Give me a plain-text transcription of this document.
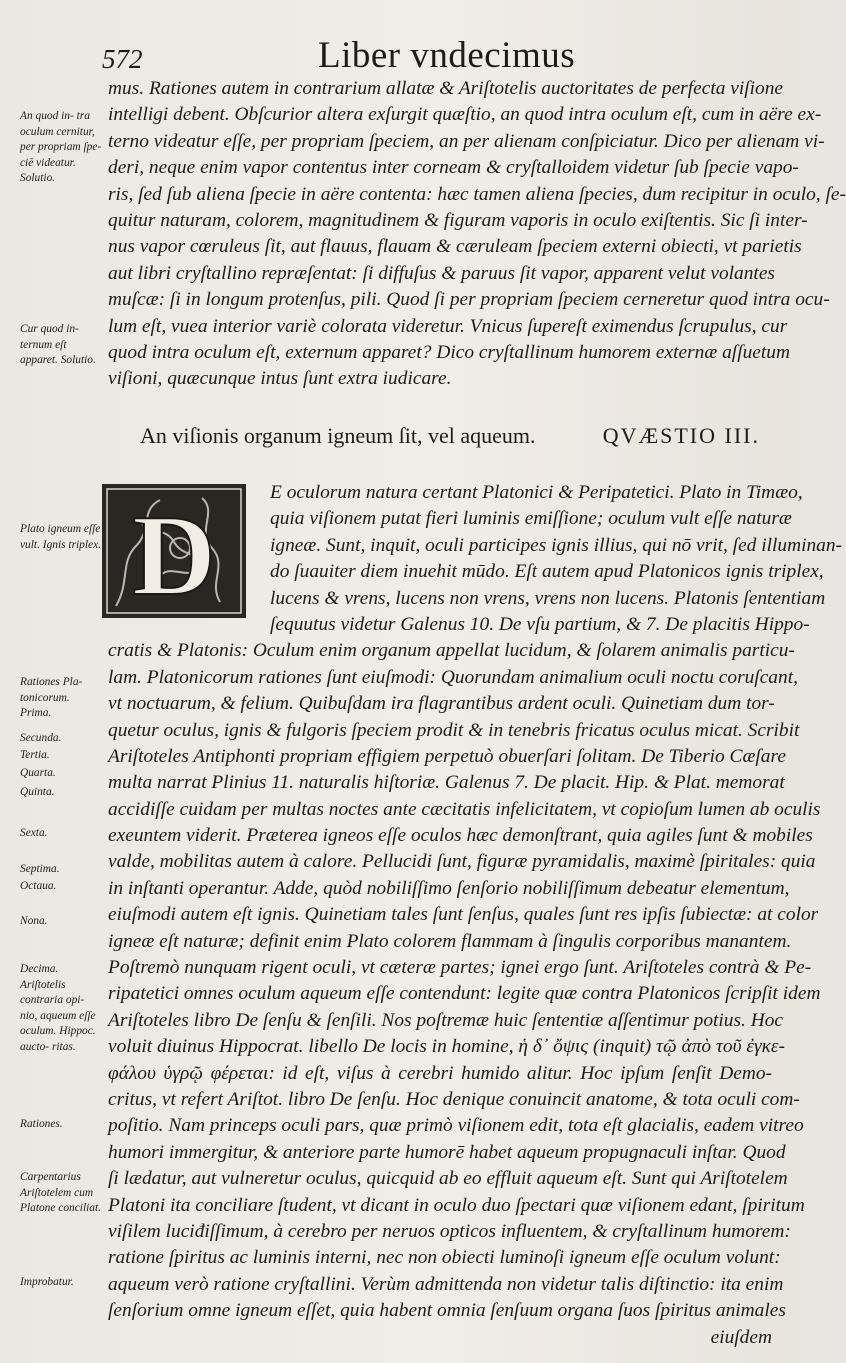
572	Liber vndecimus
An quod in- tra oculum cernitur, per propriam ſpe- ciē videatur. Solutio.
Cur quod in- ternum eſt apparet. Solutio.
Plato igneum eſſe vult. Ignis triplex.
Rationes Pla- tonicorum. Prima.
Secunda.
Tertia.
Quarta.
Quinta.
Sexta.
Septima.
Octaua.
Nona.
Decima. Ariſtotelis contraria opi- nio, aqueum eſſe oculum. Hippoc. aucto- ritas.
Rationes.
Carpentarius Ariſtotelem cum Platone conciliat.
Improbatur.
mus. Rationes autem in contrarium allatæ & Ariſtotelis auctoritates de perfecta viſione
intelligi debent. Obſcurior altera exſurgit quæſtio, an quod intra oculum eſt, cum in aëre ex-
terno videatur eſſe, per propriam ſpeciem, an per alienam conſpiciatur. Dico per alienam vi-
deri, neque enim vapor contentus inter corneam & cryſtalloidem videtur ſub ſpecie vapo-
ris, ſed ſub aliena ſpecie in aëre contenta: hæc tamen aliena ſpecies, dum recipitur in oculo, ſe-
quitur naturam, colorem, magnitudinem & figuram vaporis in oculo exiſtentis. Sic ſi inter-
nus vapor cœruleus ſit, aut flauus, flauam & cæruleam ſpeciem externi obiecti, vt parietis
aut libri cryſtallino repræſentat: ſi diffuſus & paruus ſit vapor, apparent velut volantes
muſcæ: ſi in longum protenſus, pili. Quod ſi per propriam ſpeciem cerneretur quod intra ocu-
lum eſt, vuea interior variè colorata videretur. Vnicus ſupereſt eximendus ſcrupulus, cur
quod intra oculum eſt, externum apparet? Dico cryſtallinum humorem externæ aſſuetum
viſioni, quæcunque intus ſunt extra iudicare.
An viſionis organum igneum ſit, vel aqueum.	QVÆSTIO III.
D	E oculorum natura certant Platonici & Peripatetici. Plato in Timæo,
quia viſionem putat fieri luminis emiſſione; oculum vult eſſe naturæ
igneæ. Sunt, inquit, oculi participes ignis illius, qui nō vrit, ſed illuminan-
do ſuauiter diem inuehit mūdo. Eſt autem apud Platonicos ignis triplex,
lucens & vrens, lucens non vrens, vrens non lucens. Platonis ſententiam
ſequutus videtur Galenus 10. De vſu partium, & 7. De placitis Hippo-
cratis & Platonis: Oculum enim organum appellat lucidum, & ſolarem animalis particu-
lam. Platonicorum rationes ſunt eiuſmodi: Quorundam animalium oculi noctu coruſcant,
vt noctuarum, & felium. Quibuſdam ira flagrantibus ardent oculi. Quinetiam dum tor-
quetur oculus, ignis & fulgoris ſpeciem prodit & in tenebris fricatus oculus micat. Scribit
Ariſtoteles Antiphonti propriam effigiem perpetuò obuerſari ſolitam. De Tiberio Cæſare
multa narrat Plinius 11. naturalis hiſtoriæ. Galenus 7. De placit. Hip. & Plat. memorat
accidiſſe cuidam per multas noctes ante cæcitatis infelicitatem, vt copioſum lumen ab oculis
exeuntem viderit. Præterea igneos eſſe oculos hæc demonſtrant, quia agiles ſunt & mobiles
valde, mobilitas autem à calore. Pellucidi ſunt, figuræ pyramidalis, maximè ſpiritales: quia
in inſtanti operantur. Adde, quòd nobiliſſimo ſenſorio nobiliſſimum debeatur elementum,
eiuſmodi autem eſt ignis. Quinetiam tales ſunt ſenſus, quales ſunt res ipſis ſubiectæ: at color
igneæ eſt naturæ; definit enim Plato colorem flammam à ſingulis corporibus manantem.
Poſtremò nunquam rigent oculi, vt cæteræ partes; ignei ergo ſunt. Ariſtoteles contrà & Pe-
ripatetici omnes oculum aqueum eſſe contendunt: legite quæ contra Platonicos ſcripſit idem
Ariſtoteles libro De ſenſu & ſenſili. Nos poſtremæ huic ſententiæ aſſentimur potius. Hoc
voluit diuinus Hippocrat. libello De locis in homine, ἡ δ᾽ ὄψις (inquit) τῷ ἀπὸ τοῦ ἐγκε-
φάλου ὑγρῷ φέρεται: id eſt, viſus à cerebri humido alitur. Hoc ipſum ſenſit Demo-
critus, vt refert Ariſtot. libro De ſenſu. Hoc denique conuincit anatome, & tota oculi com-
poſitio. Nam princeps oculi pars, quæ primò viſionem edit, tota eſt glacialis, eadem vitreo
humori immergitur, & anteriore parte humorē habet aqueum propugnaculi inſtar. Quod
ſi lædatur, aut vulneretur oculus, quicquid ab eo effluit aqueum eſt. Sunt qui Ariſtotelem
Platoni ita conciliare ſtudent, vt dicant in oculo duo ſpectari quæ viſionem edant, ſpiritum
viſilem luciđiſſimum, à cerebro per neruos opticos influentem, & cryſtallinum humorem:
ratione ſpiritus ac luminis interni, nec non obiecti luminoſi igneum eſſe oculum volunt:
aqueum verò ratione cryſtallini. Verùm admittenda non videtur talis diſtinctio: ita enim
ſenſorium omne igneum eſſet, quia habent omnia ſenſuum organa ſuos ſpiritus animales
eiuſdem
